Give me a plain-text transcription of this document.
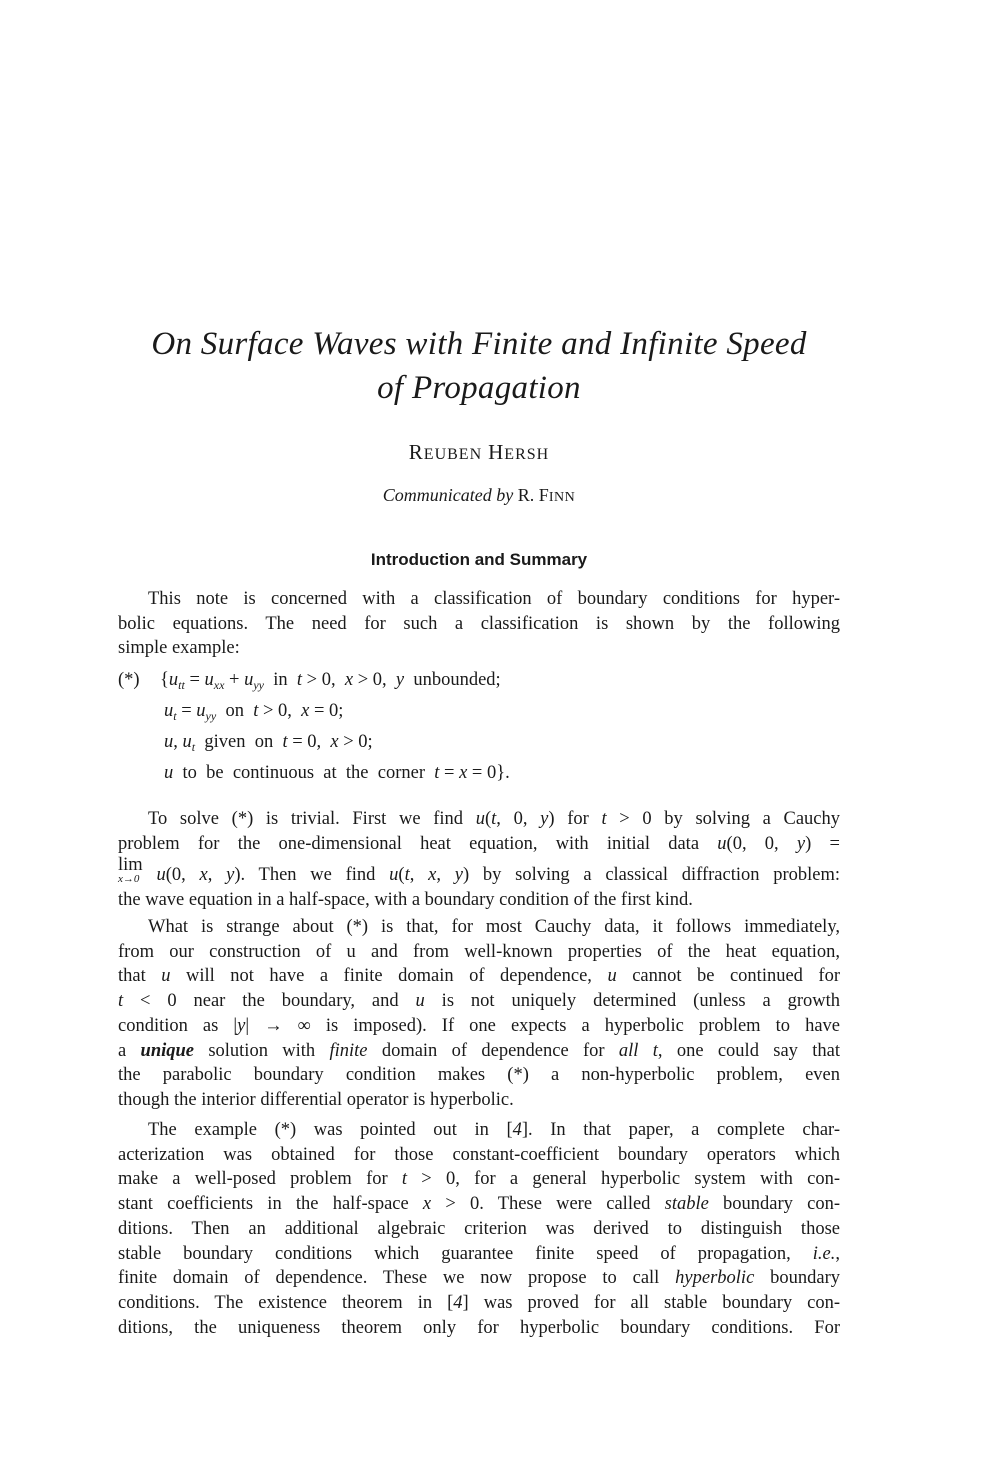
On Surface Waves with Finite and Infinite Speed
of Propagation
REUBEN HERSH
Communicated by R. FINN
Introduction and Summary
This note is concerned with a classification of boundary conditions for hyper-
bolic equations. The need for such a classification is shown by the following
simple example:
(*) {$u_{tt} = u_{xx} + u_{yy}$  in  t > 0,  x > 0,  y  unbounded;
$u_t = u_{yy}$  on  t > 0,  x = 0;
u, $u_t$  given  on  t = 0,  x > 0;
u  to  be  continuous  at  the  corner  t = x = 0}.
To solve (*) is trivial. First we find u(t, 0, y) for t > 0 by solving a Cauchy
problem for the one-dimensional heat equation, with initial data u(0, 0, y) =
lim
x→0 u(0, x, y). Then we find u(t, x, y) by solving a classical diffraction problem:
the wave equation in a half-space, with a boundary condition of the first kind.
What is strange about (*) is that, for most Cauchy data, it follows immediately,
from our construction of u and from well-known properties of the heat equation,
that u will not have a finite domain of dependence, u cannot be continued for
t < 0 near the boundary, and u is not uniquely determined (unless a growth
condition as |y| → ∞ is imposed). If one expects a hyperbolic problem to have
a unique solution with finite domain of dependence for all t, one could say that
the parabolic boundary condition makes (*) a non-hyperbolic problem, even
though the interior differential operator is hyperbolic.
The example (*) was pointed out in [4]. In that paper, a complete char-
acterization was obtained for those constant-coefficient boundary operators which
make a well-posed problem for t > 0, for a general hyperbolic system with con-
stant coefficients in the half-space x > 0. These were called stable boundary con-
ditions. Then an additional algebraic criterion was derived to distinguish those
stable boundary conditions which guarantee finite speed of propagation, i.e.,
finite domain of dependence. These we now propose to call hyperbolic boundary
conditions. The existence theorem in [4] was proved for all stable boundary con-
ditions, the uniqueness theorem only for hyperbolic boundary conditions. For
